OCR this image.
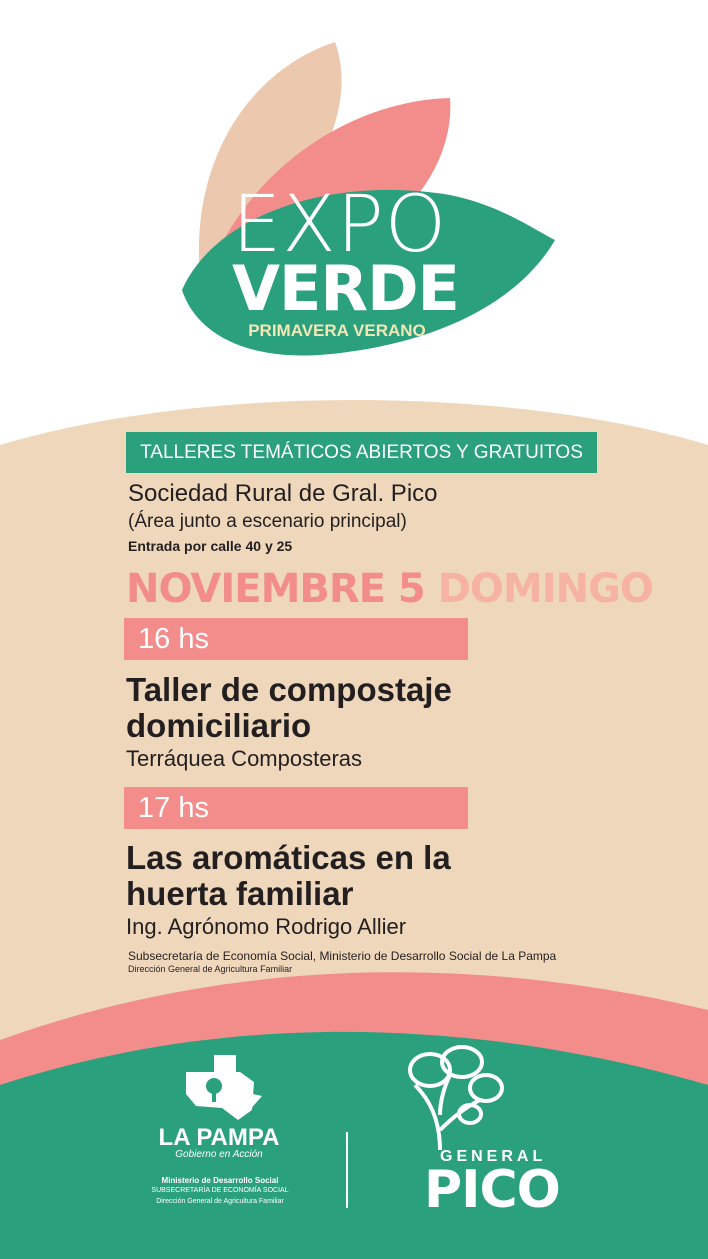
EXPO
VERDE
PRIMAVERA VERANO
TALLERES TEMÁTICOS ABIERTOS Y GRATUITOS
Sociedad Rural de Gral. Pico
(Área junto a escenario principal)
Entrada por calle 40 y 25
NOVIEMBRE 5 DOMINGO
16 hs
Taller de compostaje
domiciliario
Terráquea Composteras
17 hs
Las aromáticas en la
huerta familiar
Ing. Agrónomo Rodrigo Allier
Subsecretaría de Economía Social, Ministerio de Desarrollo Social de La Pampa
Dirección General de Agricultura Familiar
LA PAMPA
Gobierno en Acción
Ministerio de Desarrollo Social
SUBSECRETARÍA DE ECONOMÍA SOCIAL
Dirección General de Agricultura Familiar
GENERAL
PICO
